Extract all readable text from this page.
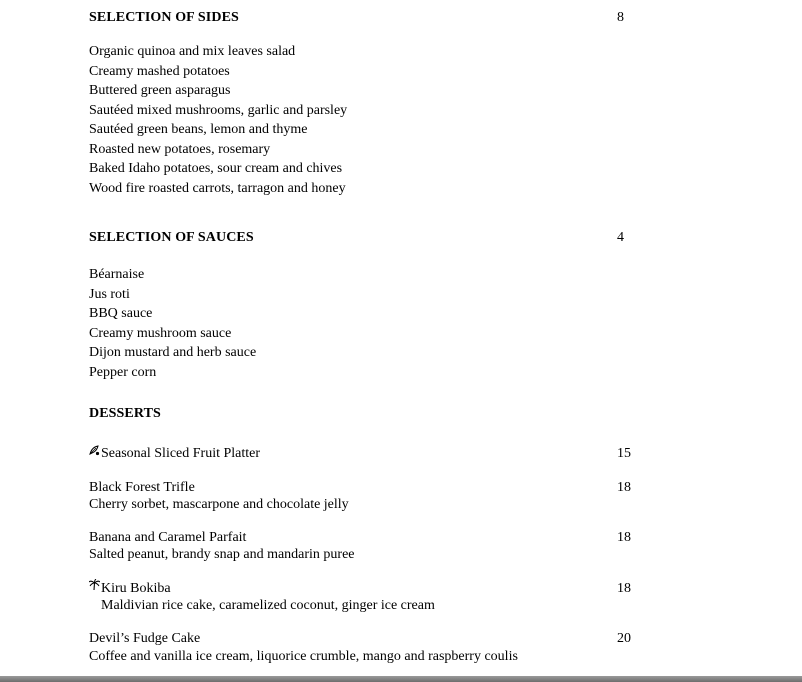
SELECTION OF SIDES	8
Organic quinoa and mix leaves salad
Creamy mashed potatoes
Buttered green asparagus
Sautéed mixed mushrooms, garlic and parsley
Sautéed green beans, lemon and thyme
Roasted new potatoes, rosemary
Baked Idaho potatoes, sour cream and chives
Wood fire roasted carrots, tarragon and honey
SELECTION OF SAUCES	4
Béarnaise
Jus roti
BBQ sauce
Creamy mushroom sauce
Dijon mustard and herb sauce
Pepper corn
DESSERTS
Seasonal Sliced Fruit Platter	15
Black Forest Trifle	18
Cherry sorbet, mascarpone and chocolate jelly
Banana and Caramel Parfait	18
Salted peanut, brandy snap and mandarin puree
Kiru Bokiba	18
Maldivian rice cake, caramelized coconut, ginger ice cream
Devil’s Fudge Cake	20
Coffee and vanilla ice cream, liquorice crumble, mango and raspberry coulis
